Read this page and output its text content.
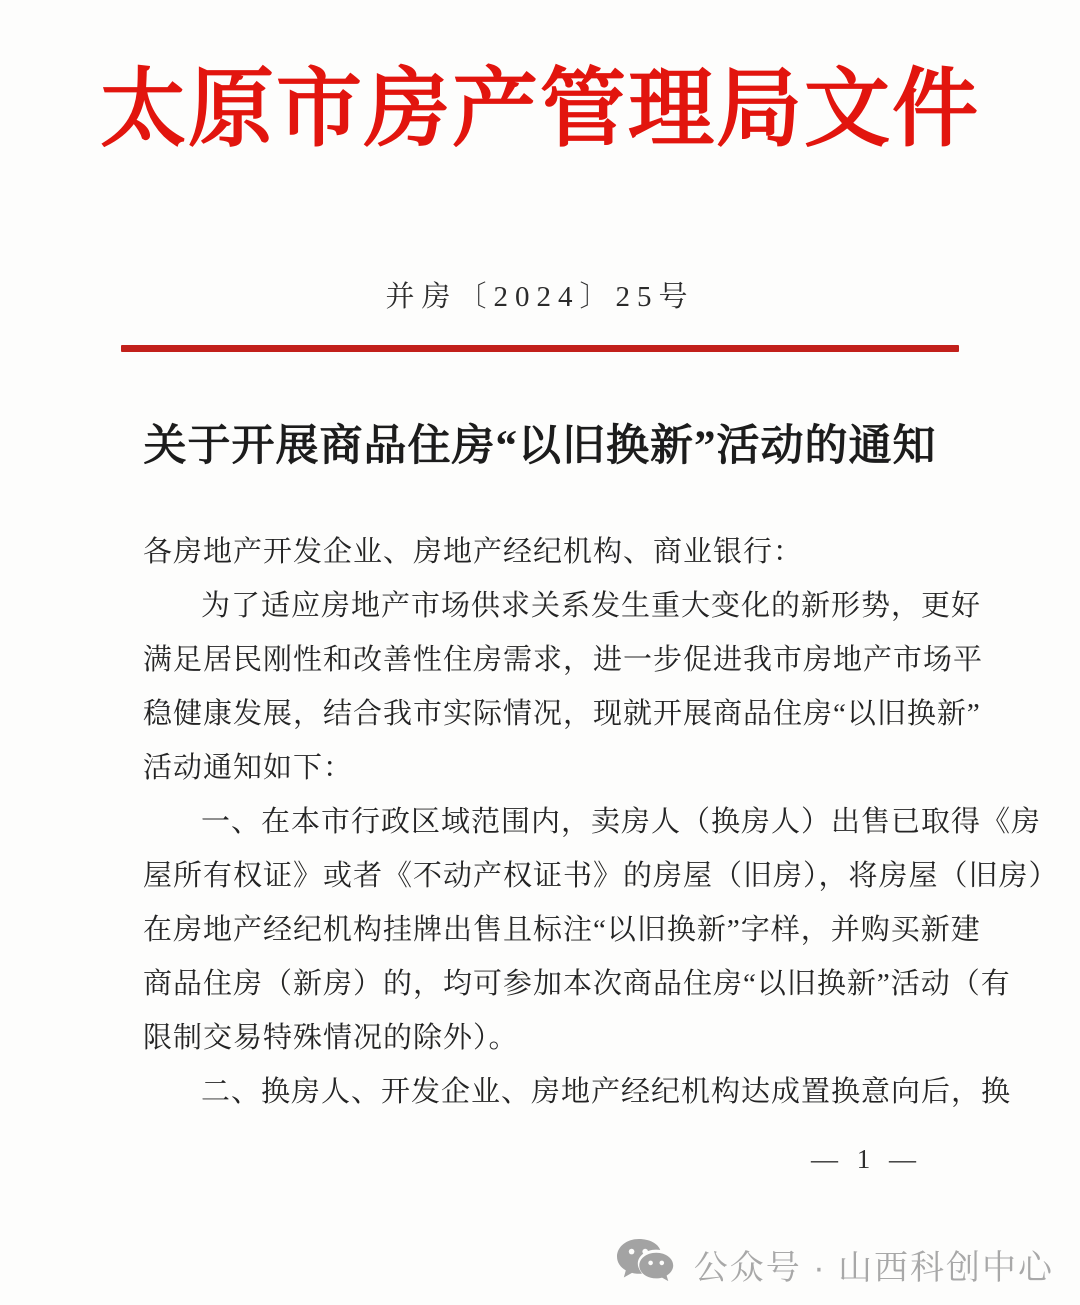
太原市房产管理局文件
并房〔2024〕25号
关于开展商品住房“以旧换新”活动的通知
各房地产开发企业、房地产经纪机构、商业银行：
为了适应房地产市场供求关系发生重大变化的新形势，更好
满足居民刚性和改善性住房需求，进一步促进我市房地产市场平
稳健康发展，结合我市实际情况，现就开展商品住房“以旧换新”
活动通知如下：
一、在本市行政区域范围内，卖房人（换房人）出售已取得《房
屋所有权证》或者《不动产权证书》的房屋（旧房），将房屋（旧房）
在房地产经纪机构挂牌出售且标注“以旧换新”字样，并购买新建
商品住房（新房）的，均可参加本次商品住房“以旧换新”活动（有
限制交易特殊情况的除外）。
二、换房人、开发企业、房地产经纪机构达成置换意向后，换
— 1 —
公众号 · 山西科创中心
